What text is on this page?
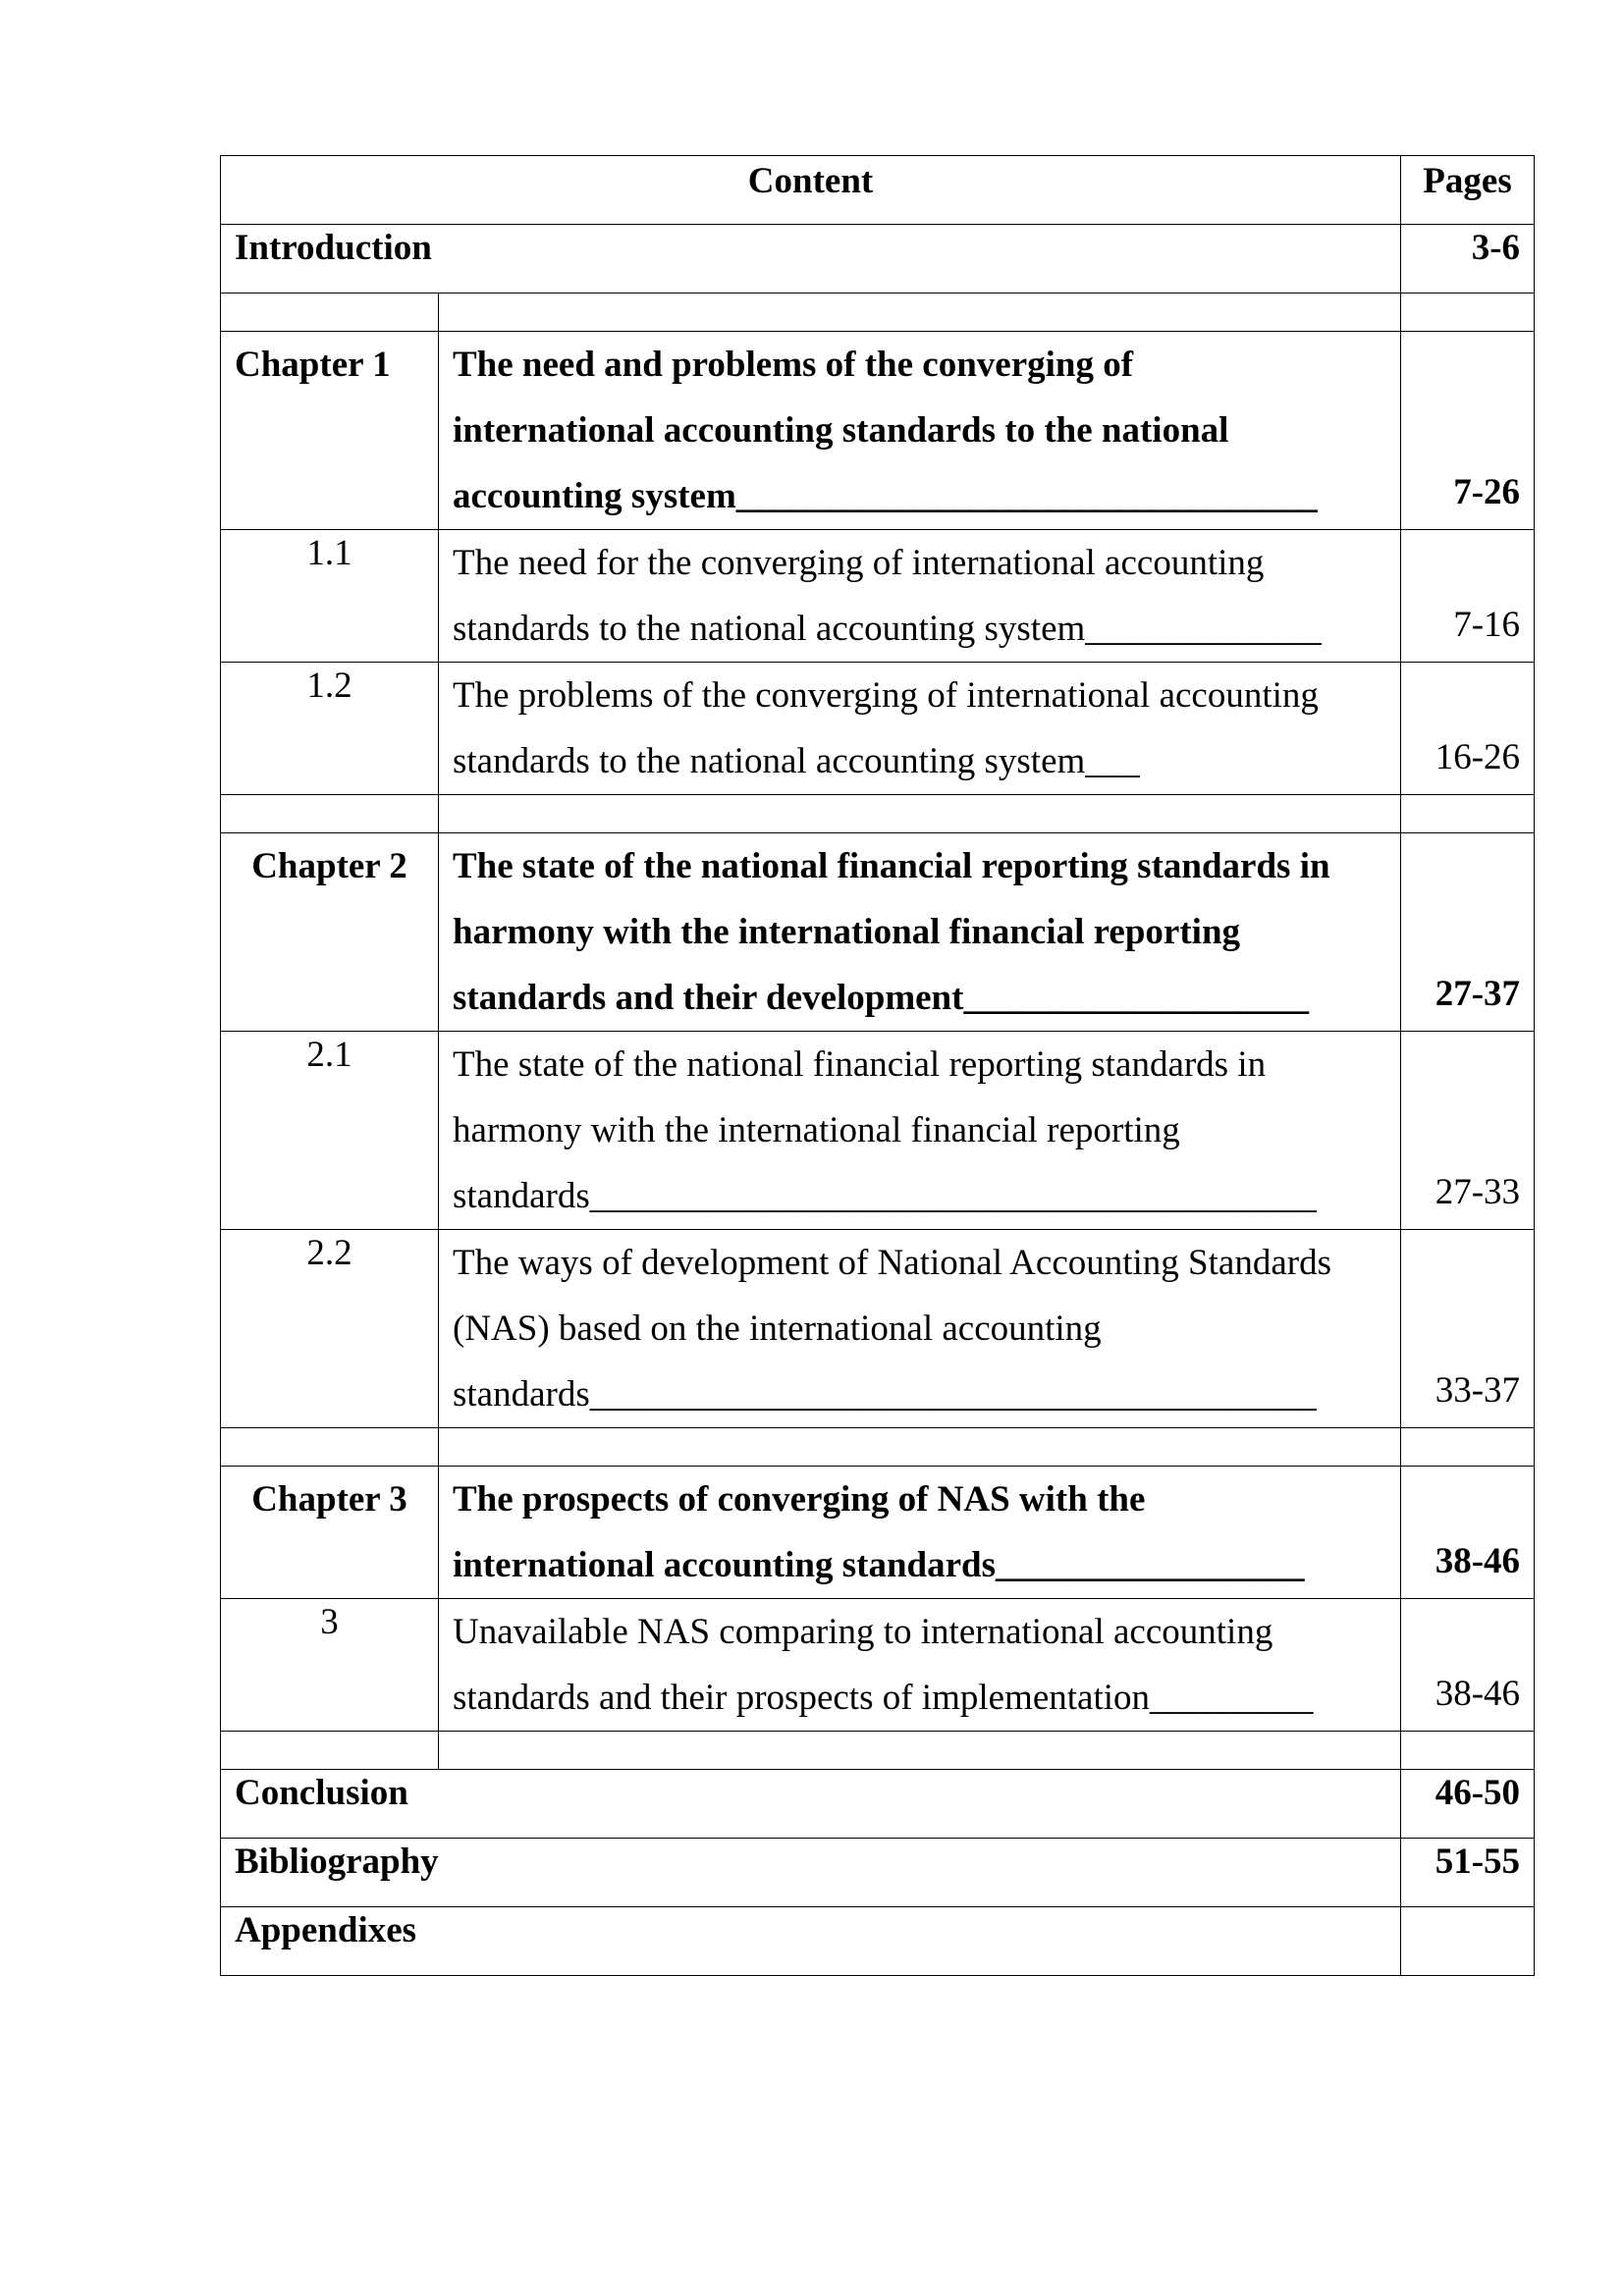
Content		Pages

Introduction		3-6

Chapter 1	The need and problems of the converging of
international accounting standards to the national
accounting system________________________________	7-26

1.1	The need for the converging of international accounting
standards to the national accounting system_____________	7-16

1.2	The problems of the converging of international accounting
standards to the national accounting system___	16-26

Chapter 2	The state of the national financial reporting standards in
harmony with the international financial reporting
standards and their development___________________	27-37

2.1	The state of the national financial reporting standards in
harmony with the international financial reporting
standards________________________________________	27-33

2.2	The ways of development of National Accounting Standards
(NAS) based on the international accounting
standards________________________________________	33-37

Chapter 3	The prospects of converging of NAS with the
international accounting standards_________________	38-46

3	Unavailable NAS comparing to international accounting
standards and their prospects of implementation_________	38-46

Conclusion		46-50

Bibliography		51-55

Appendixes		
